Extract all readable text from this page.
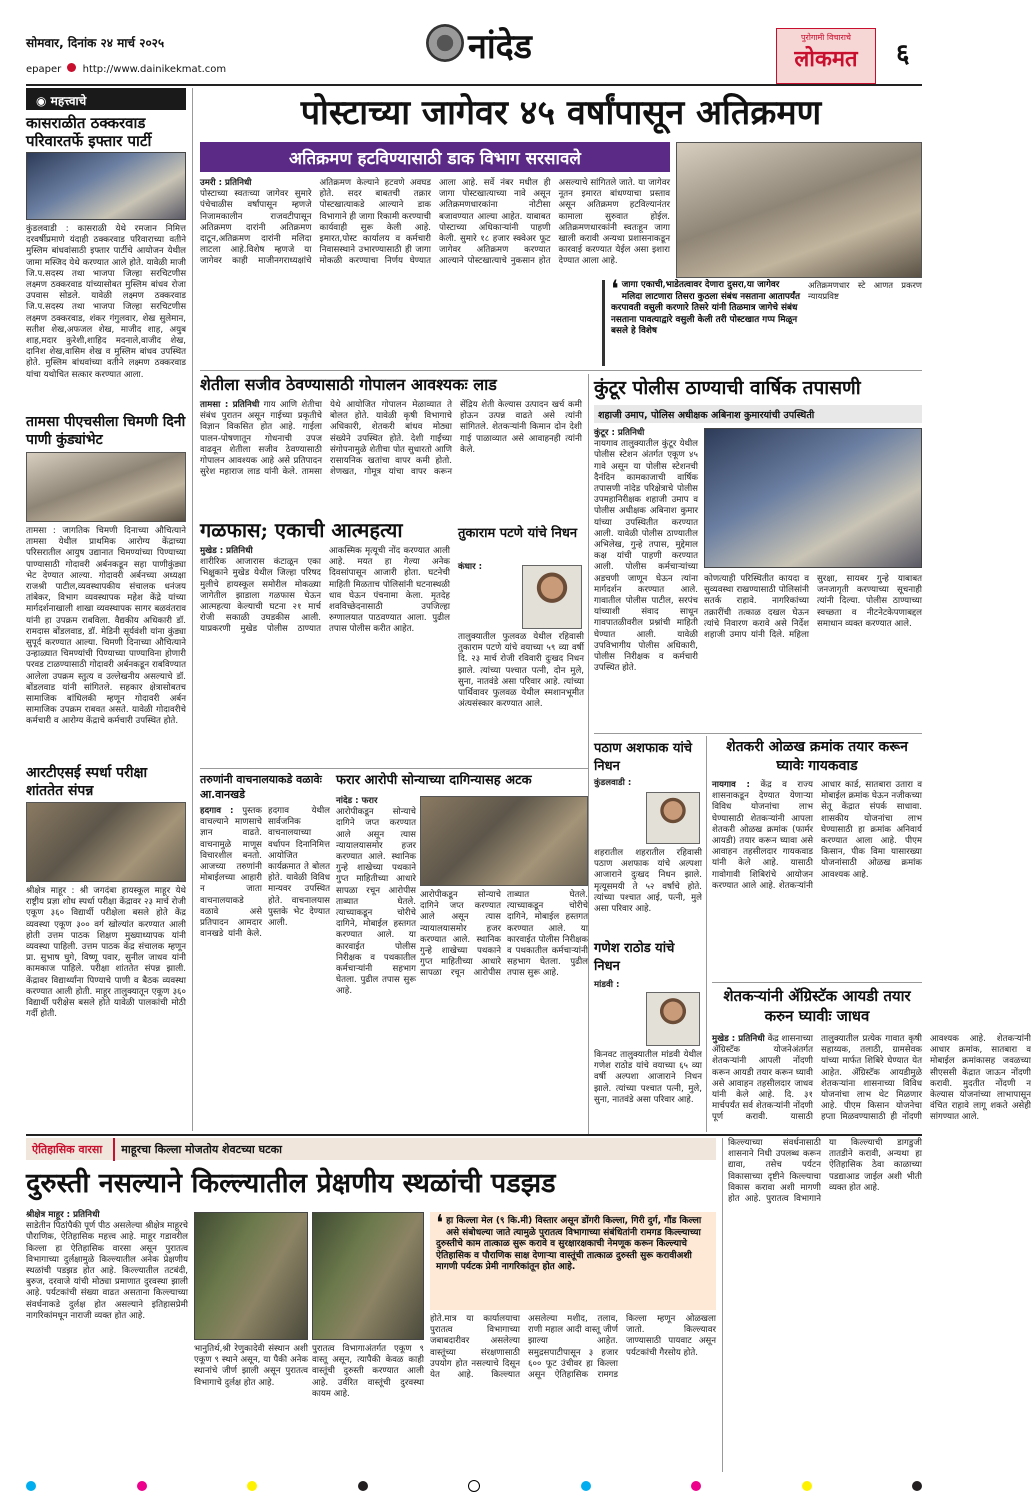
सोमवार, दिनांक २४ मार्च २०२५	नांदेड	पुरोगामी विचाराचे
लोकमत	६
epaper http://www.dainikekmat.com
◉ महत्त्वाचे
कासराळीत ठक्करवाड परिवारतर्फे इफ्तार पार्टी
कुंडलवाडी : कासराळी येथे रमजान निमित्त दरवर्षीप्रमाणे यंदाही ठक्करवाड परिवाराच्या वतीने मुस्लिम बांधवांसाठी इफ्तार पार्टीचे आयोजन येथील जामा मस्जिद येथे करण्यात आले होते. यावेळी माजी जि.प.सदस्य तथा भाजपा जिल्हा सरचिटणीस लक्ष्मण ठक्करवाड यांच्यासोबत मुस्लिम बांधव रोजा उपवास सोडले. यावेळी लक्ष्मण ठक्करवाड जि.प.सदस्य तथा भाजपा जिल्हा सरचिटणीस लक्ष्मण ठक्करवाड, शंकर गंगुलवार, शेख सुलेमान, सतीश शेख,अफजल शेख, माजीद शाह, अयुब शाह,मदार कुरेशी,शाहिद मदनाले,वाजीद शेख, दानिश शेख,वासिम शेख व मुस्लिम बांधव उपस्थित होते. मुस्लिम बांधवांच्या वतीने लक्ष्मण ठक्करवाड यांचा यथोचित सत्कार करण्यात आला.
तामसा पीएचसीला चिमणी दिनी पाणी कुंड्यांभेट
तामसा : जागतिक चिमणी दिनाच्या औचित्याने तामसा येथील प्राथमिक आरोग्य केंद्राच्या परिसरातील आयुष उद्यानात चिमण्यांच्या पिण्याच्या पाण्यासाठी गोदावरी अर्बनकडून सहा पाणीकुंड्या भेट देण्यात आल्या. गोदावरी अर्बनच्या अध्यक्षा राजश्री पाटील,व्यवस्थापकीय संचालक धनंजय तांबेकर, विभाग व्यवस्थापक महेश केंद्रे यांच्या मार्गदर्शनाखाली शाखा व्यवस्थापक सागर बळवंतराव यांनी हा उपक्रम राबविला. वैद्यकीय अधिकारी डॉ. रामदास बोंडलवाड, डॉ. मेडिनी सूर्यवंशी यांना कुंड्या सुपूर्द करण्यात आल्या. चिमणी दिनाच्या औचित्याने उन्हाळ्यात चिमण्यांची पिण्याच्या पाण्याविना होणारी परवड टाळण्यासाठी गोदावरी अर्बनकडून राबविण्यात आलेला उपक्रम स्तुत्य व उल्लेखनीय असल्याचे डॉ. बोंडलवाड यांनी सांगितले. सहकार क्षेत्रासोबतच सामाजिक बांधिलकी म्हणून गोदावरी अर्बन सामाजिक उपक्रम राबवत असते. यावेळी गोदावरीचे कर्मचारी व आरोग्य केंद्राचे कर्मचारी उपस्थित होते.
आरटीएसई स्पर्धा परीक्षा शांततेत संपन्न
श्रीक्षेत्र माहूर : श्री जगदंबा हायस्कूल माहूर येथे राष्ट्रीय प्रज्ञा शोध स्पर्धा परीक्षा केंद्रावर २३ मार्च रोजी एकूण ३६० विद्यार्थी परीक्षेला बसले होते केंद्र व्यवस्था एकूण ३०० वर्ग खोल्यांत करण्यात आली होती उत्तम पाठक शिक्षण मुख्याध्यापक यांनी व्यवस्था पाहिली. उत्तम पाठक केंद्र संचालक म्हणून प्रा. सुभाष घुगे, विष्णू पवार, सुनील जाधव यांनी कामकाज पाहिले. परीक्षा शांततेत संपन्न झाली. केंद्रावर विद्यार्थ्यांना पिण्याचे पाणी व बैठक व्यवस्था करण्यात आली होती. माहूर तालुक्यातून एकूण ३६० विद्यार्थी परीक्षेस बसले होते यावेळी पालकांची मोठी गर्दी होती.
पोस्टाच्या जागेवर ४५ वर्षांपासून अतिक्रमण
अतिक्रमण हटविण्यासाठी डाक विभाग सरसावले
उमरी : प्रतिनिधी
पोस्टाच्या स्वतःच्या जागेवर सुमारे पंचेचाळीस वर्षांपासून म्हणजे निजामकालीन राजवटीपासून अतिक्रमण दारांनी अतिक्रमण दाटून,अतिक्रमण दारांनी मलिदा लाटला आहे.विशेष म्हणजे या जागेवर काही माजीनगराध्यक्षांचे अतिक्रमण केल्याने हटवणे अवघड होते. सदर बाबतची तक्रार पोस्टखात्याकडे आल्याने डाक विभागाने ही जागा रिकामी करण्याची कार्यवाही सुरू केली आहे. इमारत,पोस्ट कार्यालय व कर्मचारी निवासस्थाने उभारण्यासाठी ही जागा मोकळी करण्याचा निर्णय घेण्यात आला आहे. सर्वे नंबर मधील ही जागा पोस्टखात्याच्या नावे असून अतिक्रमणधारकांना नोटीसा बजावण्यात आल्या आहेत. याबाबत पोस्टाच्या अधिकाऱ्यांनी पाहणी केली. सुमारे १८ हजार स्क्वेअर फूट जागेवर अतिक्रमण करण्यात आल्याने पोस्टखात्याचे नुकसान होत असल्याचे सांगितले जाते. या जागेवर नूतन इमारत बांधण्याचा प्रस्ताव असून अतिक्रमण हटविल्यानंतर कामाला सुरुवात होईल. अतिक्रमणधारकांनी स्वतःहून जागा खाली करावी अन्यथा प्रशासनाकडून कारवाई करण्यात येईल असा इशारा देण्यात आला आहे.
❛ जागा एकाची,भाडेतत्वावर देणारा दुसरा,या जागेवर मलिदा लाटणारा तिसरा कुठला संबंध नसताना आतापर्यंत करपावती वसुली करणारे तिसरे यांनी तिळमात्र जागेचे संबंध नसताना पावत्याद्वारे वसुली केली तरी पोस्टखात गप्प मिळून बसले हे विशेष
अतिक्रमणधार स्टे आणत प्रकरण न्यायप्रविष्ट
शेतीला सजीव ठेवण्यासाठी गोपालन आवश्यकः लाड
तामसा : प्रतिनिधी गाय आणि शेतीचा संबंध पुरातन असून गाईच्या प्रकृतीचे विज्ञान विकसित होत आहे. गाईला पालन-पोषणातून गोधनाची उपज वाढवून शेतीला सजीव ठेवण्यासाठी गोपालन आवश्यक आहे असे प्रतिपादन सुरेश महाराज लाड यांनी केले. तामसा येथे आयोजित गोपालन मेळाव्यात ते बोलत होते. यावेळी कृषी विभागाचे अधिकारी, शेतकरी बांधव मोठ्या संख्येने उपस्थित होते. देशी गाईंच्या संगोपनामुळे शेतीचा पोत सुधारतो आणि रासायनिक खतांचा वापर कमी होतो. शेणखत, गोमूत्र यांचा वापर करून सेंद्रिय शेती केल्यास उत्पादन खर्च कमी होऊन उत्पन्न वाढते असे त्यांनी सांगितले. शेतकऱ्यांनी किमान दोन देशी गाई पाळाव्यात असे आवाहनही त्यांनी केले.
गळफास; एकाची आत्महत्या
मुखेड : प्रतिनिधी
शारीरिक आजारास कंटाळून एका भिक्षुकाने मुखेड येथील जिल्हा परिषद मुलीचे हायस्कूल समोरील मोकळ्या जागेतील झाडाला गळफास घेऊन आत्महत्या केल्याची घटना २१ मार्च रोजी सकाळी उघडकीस आली. याप्रकरणी मुखेड पोलीस ठाण्यात आकस्मिक मृत्यूची नोंद करण्यात आली आहे. मयत हा गेल्या अनेक दिवसांपासून आजारी होता. घटनेची माहिती मिळताच पोलिसांनी घटनास्थळी धाव घेऊन पंचनामा केला. मृतदेह शवविच्छेदनासाठी उपजिल्हा रुग्णालयात पाठवण्यात आला. पुढील तपास पोलीस करीत आहेत.
तुकाराम पटणे यांचे निधन
कंधार :
तालुक्यातील फुलवळ येथील रहिवासी तुकाराम पटणे यांचे वयाच्या ५९ व्या वर्षी दि. २३ मार्च रोजी रविवारी दुःखद निधन झाले. त्यांच्या पश्चात पत्नी, दोन मुले, सुना, नातवंडे असा परिवार आहे. त्यांच्या पार्थिवावर फुलवळ येथील स्मशानभूमीत अंत्यसंस्कार करण्यात आले.
कुंटूर पोलीस ठाण्याची वार्षिक तपासणी
शहाजी उमाप, पोलिस अधीक्षक अबिनाश कुमारयांची उपस्थिती
कुंटूर : प्रतिनिधी
नायगाव तालुक्यातील कुंटूर येथील पोलीस स्टेशन अंतर्गत एकूण ४५ गावे असून या पोलीस स्टेशनची दैनंदिन कामकाजाची वार्षिक तपासणी नांदेड परिक्षेत्राचे पोलीस उपमहानिरीक्षक शहाजी उमाप व पोलीस अधीक्षक अबिनाश कुमार यांच्या उपस्थितीत करण्यात आली. यावेळी पोलीस ठाण्यातील अभिलेख, गुन्हे तपास, मुद्देमाल कक्ष यांची पाहणी करण्यात आली. पोलीस कर्मचाऱ्यांच्या अडचणी जाणून घेऊन त्यांना मार्गदर्शन करण्यात आले. गावातील पोलीस पाटील, सरपंच यांच्याशी संवाद साधून गावपातळीवरील प्रश्नांची माहिती घेण्यात आली. यावेळी उपविभागीय पोलीस अधिकारी, पोलीस निरीक्षक व कर्मचारी उपस्थित होते.
कोणत्याही परिस्थितीत कायदा व सुव्यवस्था राखण्यासाठी पोलिसांनी सतर्क राहावे. नागरिकांच्या तक्रारींची तत्काळ दखल घेऊन त्यांचे निवारण करावे असे निर्देश शहाजी उमाप यांनी दिले. महिला सुरक्षा, सायबर गुन्हे याबाबत जनजागृती करण्याच्या सूचनाही त्यांनी दिल्या. पोलीस ठाण्याच्या स्वच्छता व नीटनेटकेपणाबद्दल समाधान व्यक्त करण्यात आले.
तरुणांनी वाचनालयाकडे वळावेः आ.वानखडे
हदगाव : पुस्तक वाचल्याने माणसाचे ज्ञान वाढते. वाचनामुळे माणूस विचारशील बनतो. आजच्या तरुणांनी मोबाईलच्या आहारी न जाता वाचनालयाकडे वळावे असे प्रतिपादन आमदार वानखडे यांनी केले. हदगाव येथील सार्वजनिक वाचनालयाच्या वर्धापन दिनानिमित्त आयोजित कार्यक्रमात ते बोलत होते. यावेळी विविध मान्यवर उपस्थित होते. वाचनालयास पुस्तके भेट देण्यात आली.
फरार आरोपी सोन्याच्या दागिन्यासह अटक
नांदेड : फरार
आरोपीकडून सोन्याचे दागिने जप्त करण्यात आले असून त्यास न्यायालयासमोर हजर करण्यात आले. स्थानिक गुन्हे शाखेच्या पथकाने गुप्त माहितीच्या आधारे सापळा रचून आरोपीस ताब्यात घेतले. त्याच्याकडून चोरीचे दागिने, मोबाईल हस्तगत करण्यात आले. या कारवाईत पोलीस निरीक्षक व पथकातील कर्मचाऱ्यांनी सहभाग घेतला. पुढील तपास सुरू आहे.
आरोपीकडून सोन्याचे दागिने जप्त करण्यात आले असून त्यास न्यायालयासमोर हजर करण्यात आले. स्थानिक गुन्हे शाखेच्या पथकाने गुप्त माहितीच्या आधारे सापळा रचून आरोपीस ताब्यात घेतले. त्याच्याकडून चोरीचे दागिने, मोबाईल हस्तगत करण्यात आले. या कारवाईत पोलीस निरीक्षक व पथकातील कर्मचाऱ्यांनी सहभाग घेतला. पुढील तपास सुरू आहे.
पठाण अशफाक यांचे निधन
कुंडलवाडी :
शहरातील शहरातील रहिवासी पठाण अशफाक यांचे अल्पशा आजाराने दुःखद निधन झाले. मृत्यूसमयी ते ५२ वर्षांचे होते. त्यांच्या पश्चात आई, पत्नी, मुले असा परिवार आहे.
गणेश राठोड यांचे निधन
मांडवी :
किनवट तालुक्यातील मांडवी येथील गणेश राठोड यांचे वयाच्या ६५ व्या वर्षी अल्पशा आजाराने निधन झाले. त्यांच्या पश्चात पत्नी, मुले, सुना, नातवंडे असा परिवार आहे.
शेतकरी ओळख क्रमांक तयार करून घ्यावेः गायकवाड
नायगाव : केंद्र व राज्य शासनाकडून देण्यात येणाऱ्या विविध योजनांचा लाभ घेण्यासाठी शेतकऱ्यांनी आपला शेतकरी ओळख क्रमांक (फार्मर आयडी) तयार करून घ्यावा असे आवाहन तहसीलदार गायकवाड यांनी केले आहे. यासाठी गावोगावी शिबिरांचे आयोजन करण्यात आले आहे. शेतकऱ्यांनी आधार कार्ड, सातबारा उतारा व मोबाईल क्रमांक घेऊन नजीकच्या सेतू केंद्रात संपर्क साधावा. शासकीय योजनांचा लाभ घेण्यासाठी हा क्रमांक अनिवार्य करण्यात आला आहे. पीएम किसान, पीक विमा यासारख्या योजनांसाठी ओळख क्रमांक आवश्यक आहे.
शेतकऱ्यांनी ॲग्रिस्टॅक आयडी तयार करुन घ्यावीः जाधव
मुखेड : प्रतिनिधी केंद्र शासनाच्या ॲग्रिस्टॅक योजनेअंतर्गत शेतकऱ्यांनी आपली नोंदणी करून आयडी तयार करून घ्यावी असे आवाहन तहसीलदार जाधव यांनी केले आहे. दि. ३१ मार्चपर्यंत सर्व शेतकऱ्यांनी नोंदणी पूर्ण करावी. यासाठी तालुक्यातील प्रत्येक गावात कृषी सहाय्यक, तलाठी, ग्रामसेवक यांच्या मार्फत शिबिरे घेण्यात येत आहेत. ॲग्रिस्टॅक आयडीमुळे शेतकऱ्यांना शासनाच्या विविध योजनांचा लाभ थेट मिळणार आहे. पीएम किसान योजनेचा हप्ता मिळवण्यासाठी ही नोंदणी आवश्यक आहे. शेतकऱ्यांनी आधार क्रमांक, सातबारा व मोबाईल क्रमांकासह जवळच्या सीएससी केंद्रात जाऊन नोंदणी करावी. मुदतीत नोंदणी न केल्यास योजनांच्या लाभापासून वंचित राहावे लागू शकते असेही सांगण्यात आले.
ऐतिहासिक वारसा माहूरचा किल्ला मोजतोय शेवटच्या घटका
दुरुस्ती नसल्याने किल्ल्यातील प्रेक्षणीय स्थळांची पडझड
श्रीक्षेत्र माहूर : प्रतिनिधी
साडेतीन पिठांपैकी पूर्ण पीठ असलेल्या श्रीक्षेत्र माहूरचे पौराणिक, ऐतिहासिक महत्त्व आहे. माहूर गडावरील किल्ला हा ऐतिहासिक वारसा असून पुरातत्व विभागाच्या दुर्लक्षामुळे किल्ल्यातील अनेक प्रेक्षणीय स्थळांची पडझड होत आहे. किल्ल्यातील तटबंदी, बुरुज, दरवाजे यांची मोठ्या प्रमाणात दुरवस्था झाली आहे. पर्यटकांची संख्या वाढत असताना किल्ल्याच्या संवर्धनाकडे दुर्लक्ष होत असल्याने इतिहासप्रेमी नागरिकांमधून नाराजी व्यक्त होत आहे.
भानुतिर्थ,श्री रेणुकादेवी संस्थान अशी एकूण ९ स्थाने असून, या पैकी अनेक स्थानांचे जीर्ण झाली असून पुरातत्व विभागाचे दुर्लक्ष होत आहे.
पुरातत्व विभागाअंतर्गत एकूण ९ वास्तू असून, त्यापैकी केवळ काही वास्तूंची दुरुस्ती करण्यात आली आहे. उर्वरित वास्तूंची दुरवस्था कायम आहे.
❛ हा किल्ला मेल (९ कि.मी) विस्तार असून डोंगरी किल्ला, गिरी दुर्ग, गौंड किल्ला असे संबोधल्या जाते त्यामुळे पुरातत्व विभागाच्या संबंधितांनी रामगड किल्ल्याच्या दुरुस्तीचे काम तात्काळ सुरू करावे व सुरक्षारक्षकाची नेमणूक करून किल्ल्याचे ऐतिहासिक व पौराणिक साक्ष देणाऱ्या वास्तूंची तात्काळ दुरुस्ती सुरू करावीअशी मागणी पर्यटक प्रेमी नागरिकांतून होत आहे.
होते.मात्र या कार्यालयाचा पुरातत्व विभागाच्या जबाबदारीवर असलेल्या वास्तूंच्या संरक्षणासाठी उपयोग होत नसल्याचे दिसून येत आहे. किल्ल्यात असलेल्या मशीद, तलाव, राणी महाल आदी वास्तू जीर्ण झाल्या आहेत. समुद्रसपाटीपासून ३ हजार ६०० फूट उंचीवर हा किल्ला असून ऐतिहासिक रामगड किल्ला म्हणून ओळखला जातो. किल्ल्यावर जाण्यासाठी पायवाट असून पर्यटकांची गैरसोय होते.
किल्ल्याच्या संवर्धनासाठी शासनाने निधी उपलब्ध करून द्यावा, तसेच पर्यटन विकासाच्या दृष्टीने किल्ल्याचा विकास करावा अशी मागणी होत आहे. पुरातत्व विभागाने या किल्ल्याची डागडुजी तातडीने करावी, अन्यथा हा ऐतिहासिक ठेवा काळाच्या पडद्याआड जाईल अशी भीती व्यक्त होत आहे.
